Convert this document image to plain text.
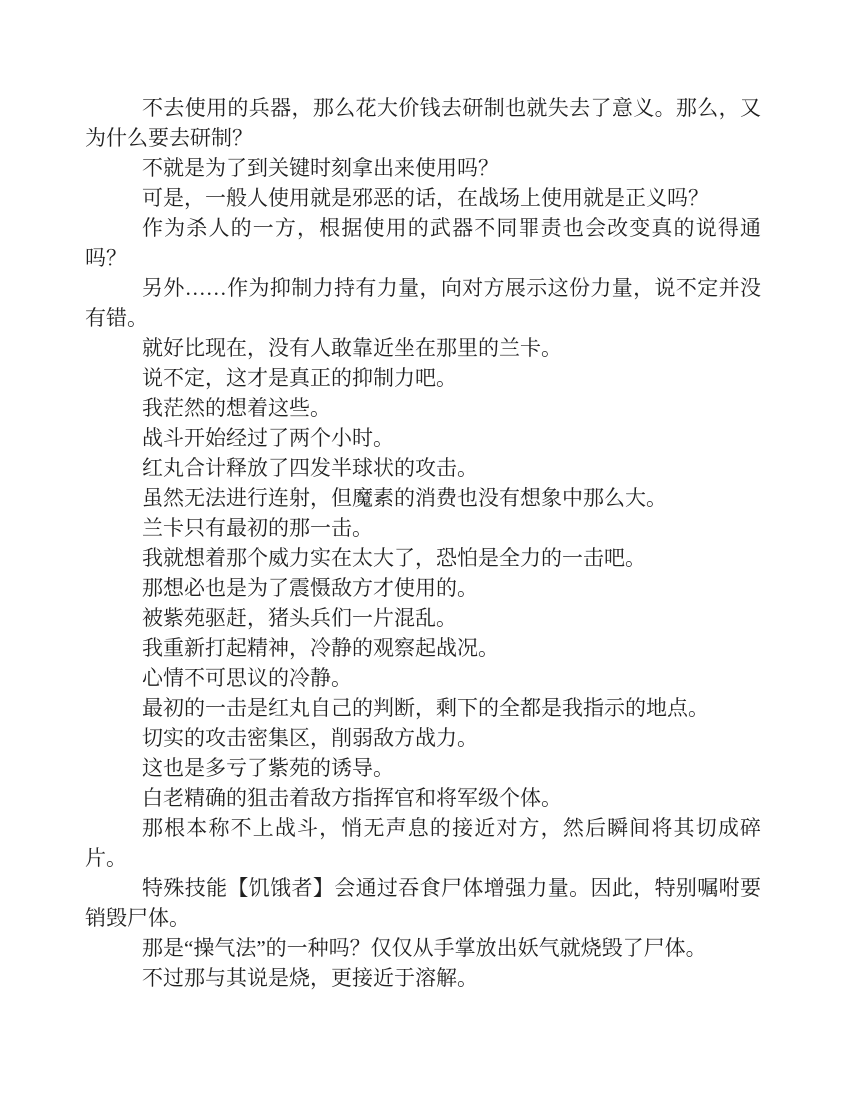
不去使用的兵器，那么花大价钱去研制也就失去了意义。那么，又为什么要去研制？

不就是为了到关键时刻拿出来使用吗？

可是，一般人使用就是邪恶的话，在战场上使用就是正义吗？

作为杀人的一方，根据使用的武器不同罪责也会改变真的说得通吗？

另外……作为抑制力持有力量，向对方展示这份力量，说不定并没有错。

就好比现在，没有人敢靠近坐在那里的兰卡。

说不定，这才是真正的抑制力吧。

我茫然的想着这些。

战斗开始经过了两个小时。

红丸合计释放了四发半球状的攻击。

虽然无法进行连射，但魔素的消费也没有想象中那么大。

兰卡只有最初的那一击。

我就想着那个威力实在太大了，恐怕是全力的一击吧。

那想必也是为了震慑敌方才使用的。

被紫苑驱赶，猪头兵们一片混乱。

我重新打起精神，冷静的观察起战况。

心情不可思议的冷静。

最初的一击是红丸自己的判断，剩下的全都是我指示的地点。

切实的攻击密集区，削弱敌方战力。

这也是多亏了紫苑的诱导。

白老精确的狙击着敌方指挥官和将军级个体。

那根本称不上战斗，悄无声息的接近对方，然后瞬间将其切成碎片。

特殊技能【饥饿者】会通过吞食尸体增强力量。因此，特别嘱咐要销毁尸体。

那是“操气法”的一种吗？仅仅从手掌放出妖气就烧毁了尸体。

不过那与其说是烧，更接近于溶解。
